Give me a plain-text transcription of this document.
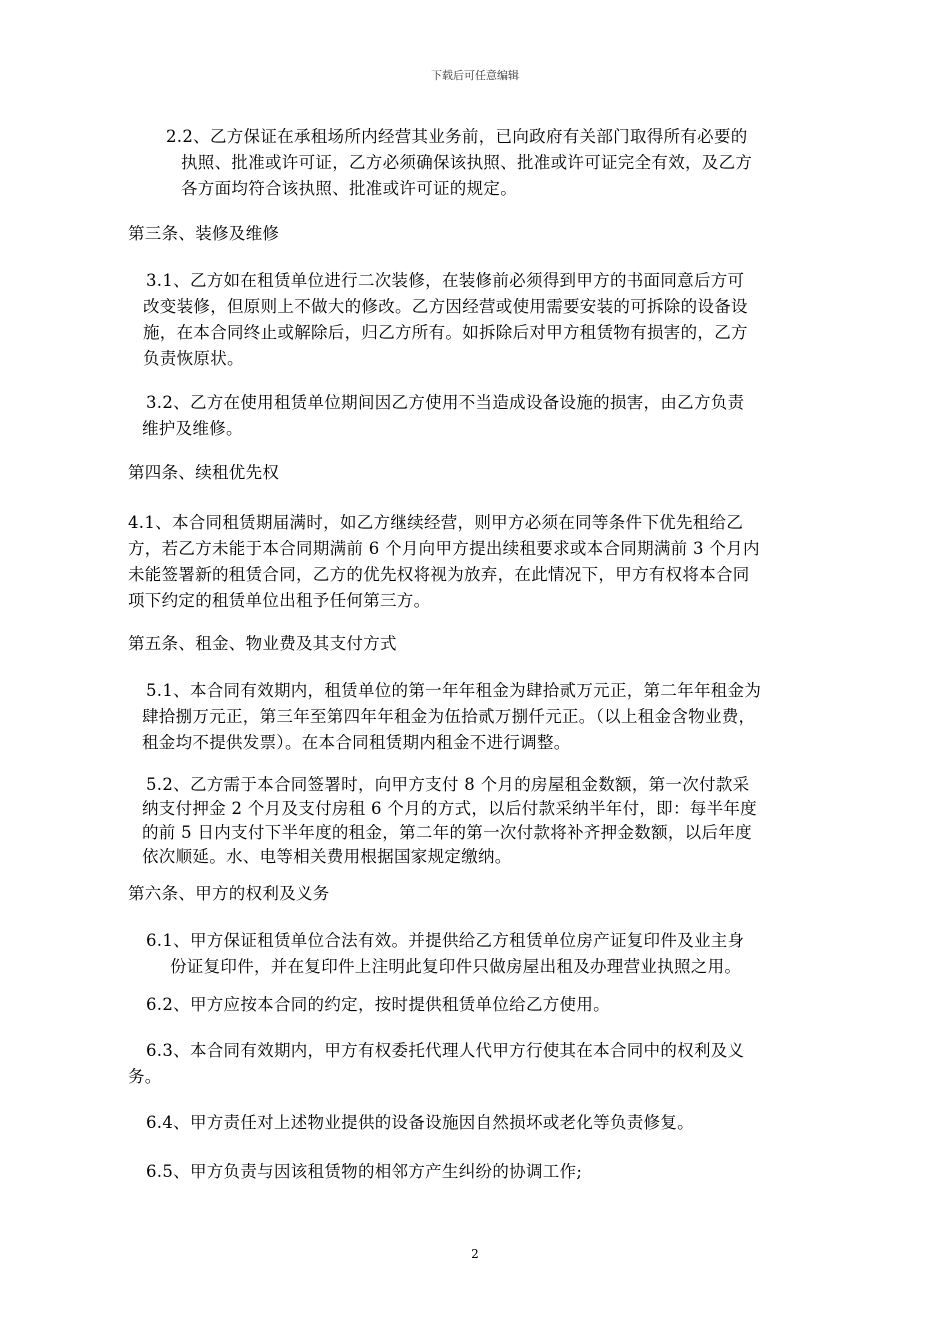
下载后可任意编辑
2.2、乙方保证在承租场所内经营其业务前，已向政府有关部门取得所有必要的
执照、批准或许可证，乙方必须确保该执照、批准或许可证完全有效，及乙方
各方面均符合该执照、批准或许可证的规定。
第三条、装修及维修
3.1、乙方如在租赁单位进行二次装修，在装修前必须得到甲方的书面同意后方可
改变装修，但原则上不做大的修改。乙方因经营或使用需要安装的可拆除的设备设
施，在本合同终止或解除后，归乙方所有。如拆除后对甲方租赁物有损害的，乙方
负责恢原状。
3.2、乙方在使用租赁单位期间因乙方使用不当造成设备设施的损害，由乙方负责
维护及维修。
第四条、续租优先权
4.1、本合同租赁期届满时，如乙方继续经营，则甲方必须在同等条件下优先租给乙
方，若乙方未能于本合同期满前 6 个月向甲方提出续租要求或本合同期满前 3 个月内
未能签署新的租赁合同，乙方的优先权将视为放弃，在此情况下，甲方有权将本合同
项下约定的租赁单位出租予任何第三方。
第五条、租金、物业费及其支付方式
5.1、本合同有效期内，租赁单位的第一年年租金为肆拾贰万元正，第二年年租金为
肆拾捌万元正，第三年至第四年年租金为伍拾贰万捌仟元正。（以上租金含物业费，
租金均不提供发票）。在本合同租赁期内租金不进行调整。
5.2、乙方需于本合同签署时，向甲方支付 8 个月的房屋租金数额，第一次付款采
纳支付押金 2 个月及支付房租 6 个月的方式，以后付款采纳半年付，即：每半年度
的前 5 日内支付下半年度的租金，第二年的第一次付款将补齐押金数额，以后年度
依次顺延。水、电等相关费用根据国家规定缴纳。
第六条、甲方的权利及义务
6.1、甲方保证租赁单位合法有效。并提供给乙方租赁单位房产证复印件及业主身
份证复印件，并在复印件上注明此复印件只做房屋出租及办理营业执照之用。
6.2、甲方应按本合同的约定，按时提供租赁单位给乙方使用。
6.3、本合同有效期内，甲方有权委托代理人代甲方行使其在本合同中的权利及义
务。
6.4、甲方责任对上述物业提供的设备设施因自然损坏或老化等负责修复。
6.5、甲方负责与因该租赁物的相邻方产生纠纷的协调工作;
2
